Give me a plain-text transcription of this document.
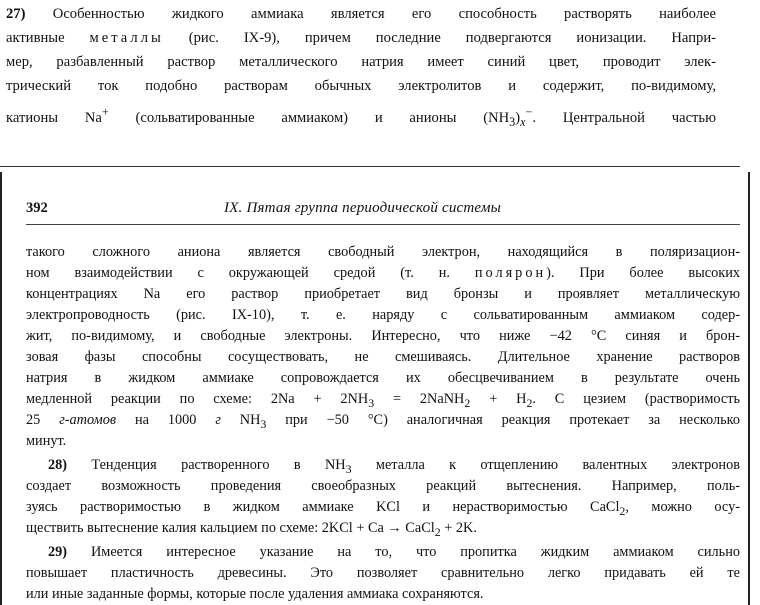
27) Особенностью жидкого аммиака является его способность растворять наиболее
активные металлы (рис. IX-9), причем последние подвергаются ионизации. Напри-
мер, разбавленный раствор металлического натрия имеет синий цвет, проводит элек-
трический ток подобно растворам обычных электролитов и содержит, по-видимому,
катионы Na+ (сольватированные аммиаком) и анионы $(NH_3)_x^-$. Центральной частью
392	IX. Пятая группа периодической системы
такого сложного аниона является свободный электрон, находящийся в поляризацион-
ном взаимодействии с окружающей средой (т. н. полярон). При более высоких
концентрациях Na его раствор приобретает вид бронзы и проявляет металлическую
электропроводность (рис. IX-10), т. е. наряду с сольватированным аммиаком содер-
жит, по-видимому, и свободные электроны. Интересно, что ниже −42 °С синяя и брон-
зовая фазы способны сосуществовать, не смешиваясь. Длительное хранение растворов
натрия в жидком аммиаке сопровождается их обесцвечиванием в результате очень
медленной реакции по схеме: $2Na + 2NH_3$ = 2NaNH$_2$ + $H_2$. С цезием (растворимость
25 г-атомов на 1000 г $NH_3$ при −50 °С) аналогичная реакция протекает за несколько
минут.
28) Тенденция растворенного в $NH_3$ металла к отщеплению валентных электронов
создает возможность проведения своеобразных реакций вытеснения. Например, поль-
зуясь растворимостью в жидком аммиаке KCl и нерастворимостью CaCl$_2$, можно осу-
ществить вытеснение калия кальцием по схеме: 2KCl + Ca → CaCl$_2$ + 2K.
29) Имеется интересное указание на то, что пропитка жидким аммиаком сильно
повышает пластичность древесины. Это позволяет сравнительно легко придавать ей те
или иные заданные формы, которые после удаления аммиака сохраняются.
